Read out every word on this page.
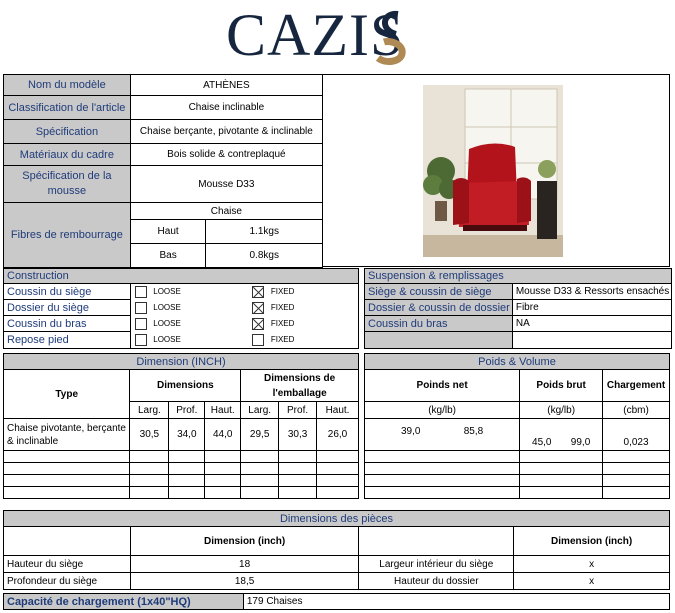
CAZIS
Nom du modèle	ATHÈNES	
Classification de l'article	Chaise inclinable	
Spécification	Chaise berçante, pivotante & inclinable	
Matériaux du cadre	Bois solide & contreplaqué	
Spécification de la mousse	Mousse D33	
Fibres de rembourrage	Chaise	
	Haut	1.1kgs
	Bas	0.8kgs
Construction				
Coussin du siège		LOOSE		FIXED
Dossier du siège		LOOSE		FIXED
Coussin du bras		LOOSE		FIXED
Repose pied		LOOSE		FIXED
Suspension & remplissages	
Siège & coussin de siège	Mousse D33 & Ressorts ensachés
Dossier & coussin de dossier	Fibre
Coussin du bras	NA

Dimension (INCH)						
Type	Dimensions			Dimensions de l'emballage		
	Larg.	Prof.	Haut.	Larg.	Prof.	Haut.
Chaise pivotante, berçante & inclinable	30,5	34,0	44,0	29,5	30,3	26,0

Poids & Volume		
Poinds net	Poids brut	Chargement
(kg/lb)	(kg/lb)	(cbm)
39,0 85,8	45,0 99,0	0,023

Dimensions des pièces			
	Dimension (inch)		Dimension (inch)
Hauteur du siège	18	Largeur intérieur du siège	x
Profondeur du siège	18,5	Hauteur du dossier	x
Capacité de chargement (1x40"HQ)	179 Chaises
